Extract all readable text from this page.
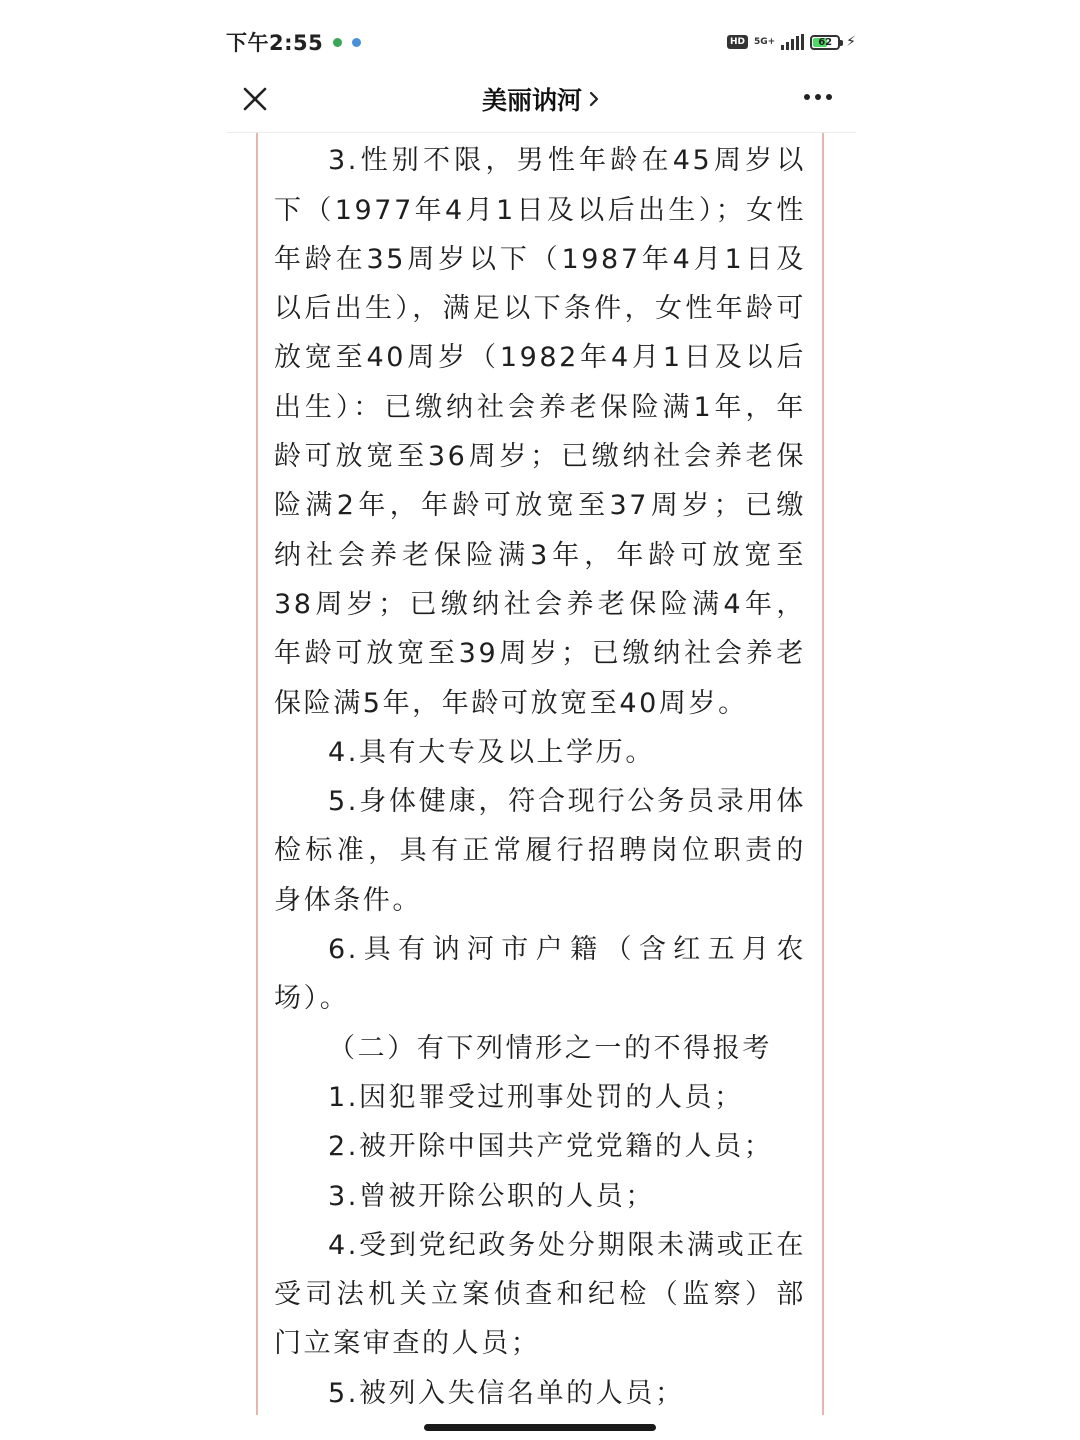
下午2:55	HD	5G+	62	⚡
美丽讷河

3.性别不限，男性年龄在45周岁以下（1977年4月1日及以后出生）；女性年龄在35周岁以下（1987年4月1日及以后出生），满足以下条件，女性年龄可放宽至40周岁（1982年4月1日及以后出生）：已缴纳社会养老保险满1年，年龄可放宽至36周岁；已缴纳社会养老保险满2年，年龄可放宽至37周岁；已缴纳社会养老保险满3年，年龄可放宽至38周岁；已缴纳社会养老保险满4年，年龄可放宽至39周岁；已缴纳社会养老保险满5年，年龄可放宽至40周岁。

4.具有大专及以上学历。

5.身体健康，符合现行公务员录用体检标准，具有正常履行招聘岗位职责的身体条件。

6.具有讷河市户籍（含红五月农场）。

（二）有下列情形之一的不得报考

1.因犯罪受过刑事处罚的人员；

2.被开除中国共产党党籍的人员；

3.曾被开除公职的人员；

4.受到党纪政务处分期限未满或正在受司法机关立案侦查和纪检（监察）部门立案审查的人员；

5.被列入失信名单的人员；
